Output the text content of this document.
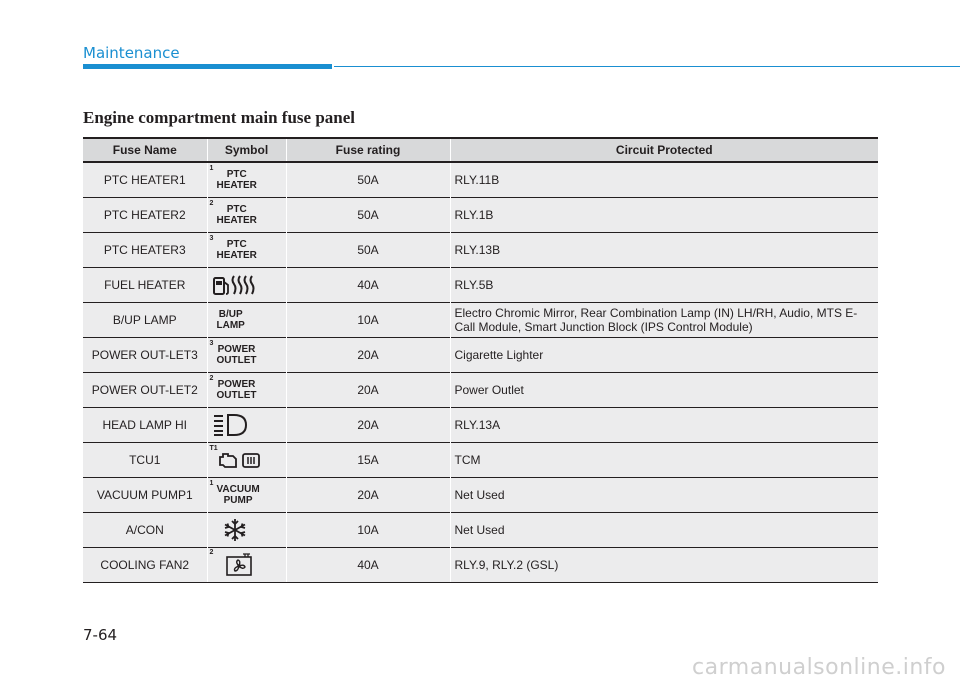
Maintenance
Engine compartment main fuse panel
Fuse Name	Symbol	Fuse rating	Circuit Protected
PTC HEATER1	1
PTC
HEATER	50A	RLY.11B
PTC HEATER2	2
PTC
HEATER	50A	RLY.1B
PTC HEATER3	3
PTC
HEATER	50A	RLY.13B
FUEL HEATER		40A	RLY.5B
B/UP LAMP	B/UP
LAMP	10A	Electro Chromic Mirror, Rear Combination Lamp (IN) LH/RH, Audio, MTS E-Call Module, Smart Junction Block (IPS Control Module)
POWER OUT-LET3	3
POWER
OUTLET	20A	Cigarette Lighter
POWER OUT-LET2	2
POWER
OUTLET	20A	Power Outlet
HEAD LAMP HI		20A	RLY.13A
TCU1	T1	15A	TCM
VACUUM PUMP1	1
VACUUM
PUMP	20A	Net Used
A/CON		10A	Net Used
COOLING FAN2	2	40A	RLY.9, RLY.2 (GSL)
7-64
carmanualsonline.info
